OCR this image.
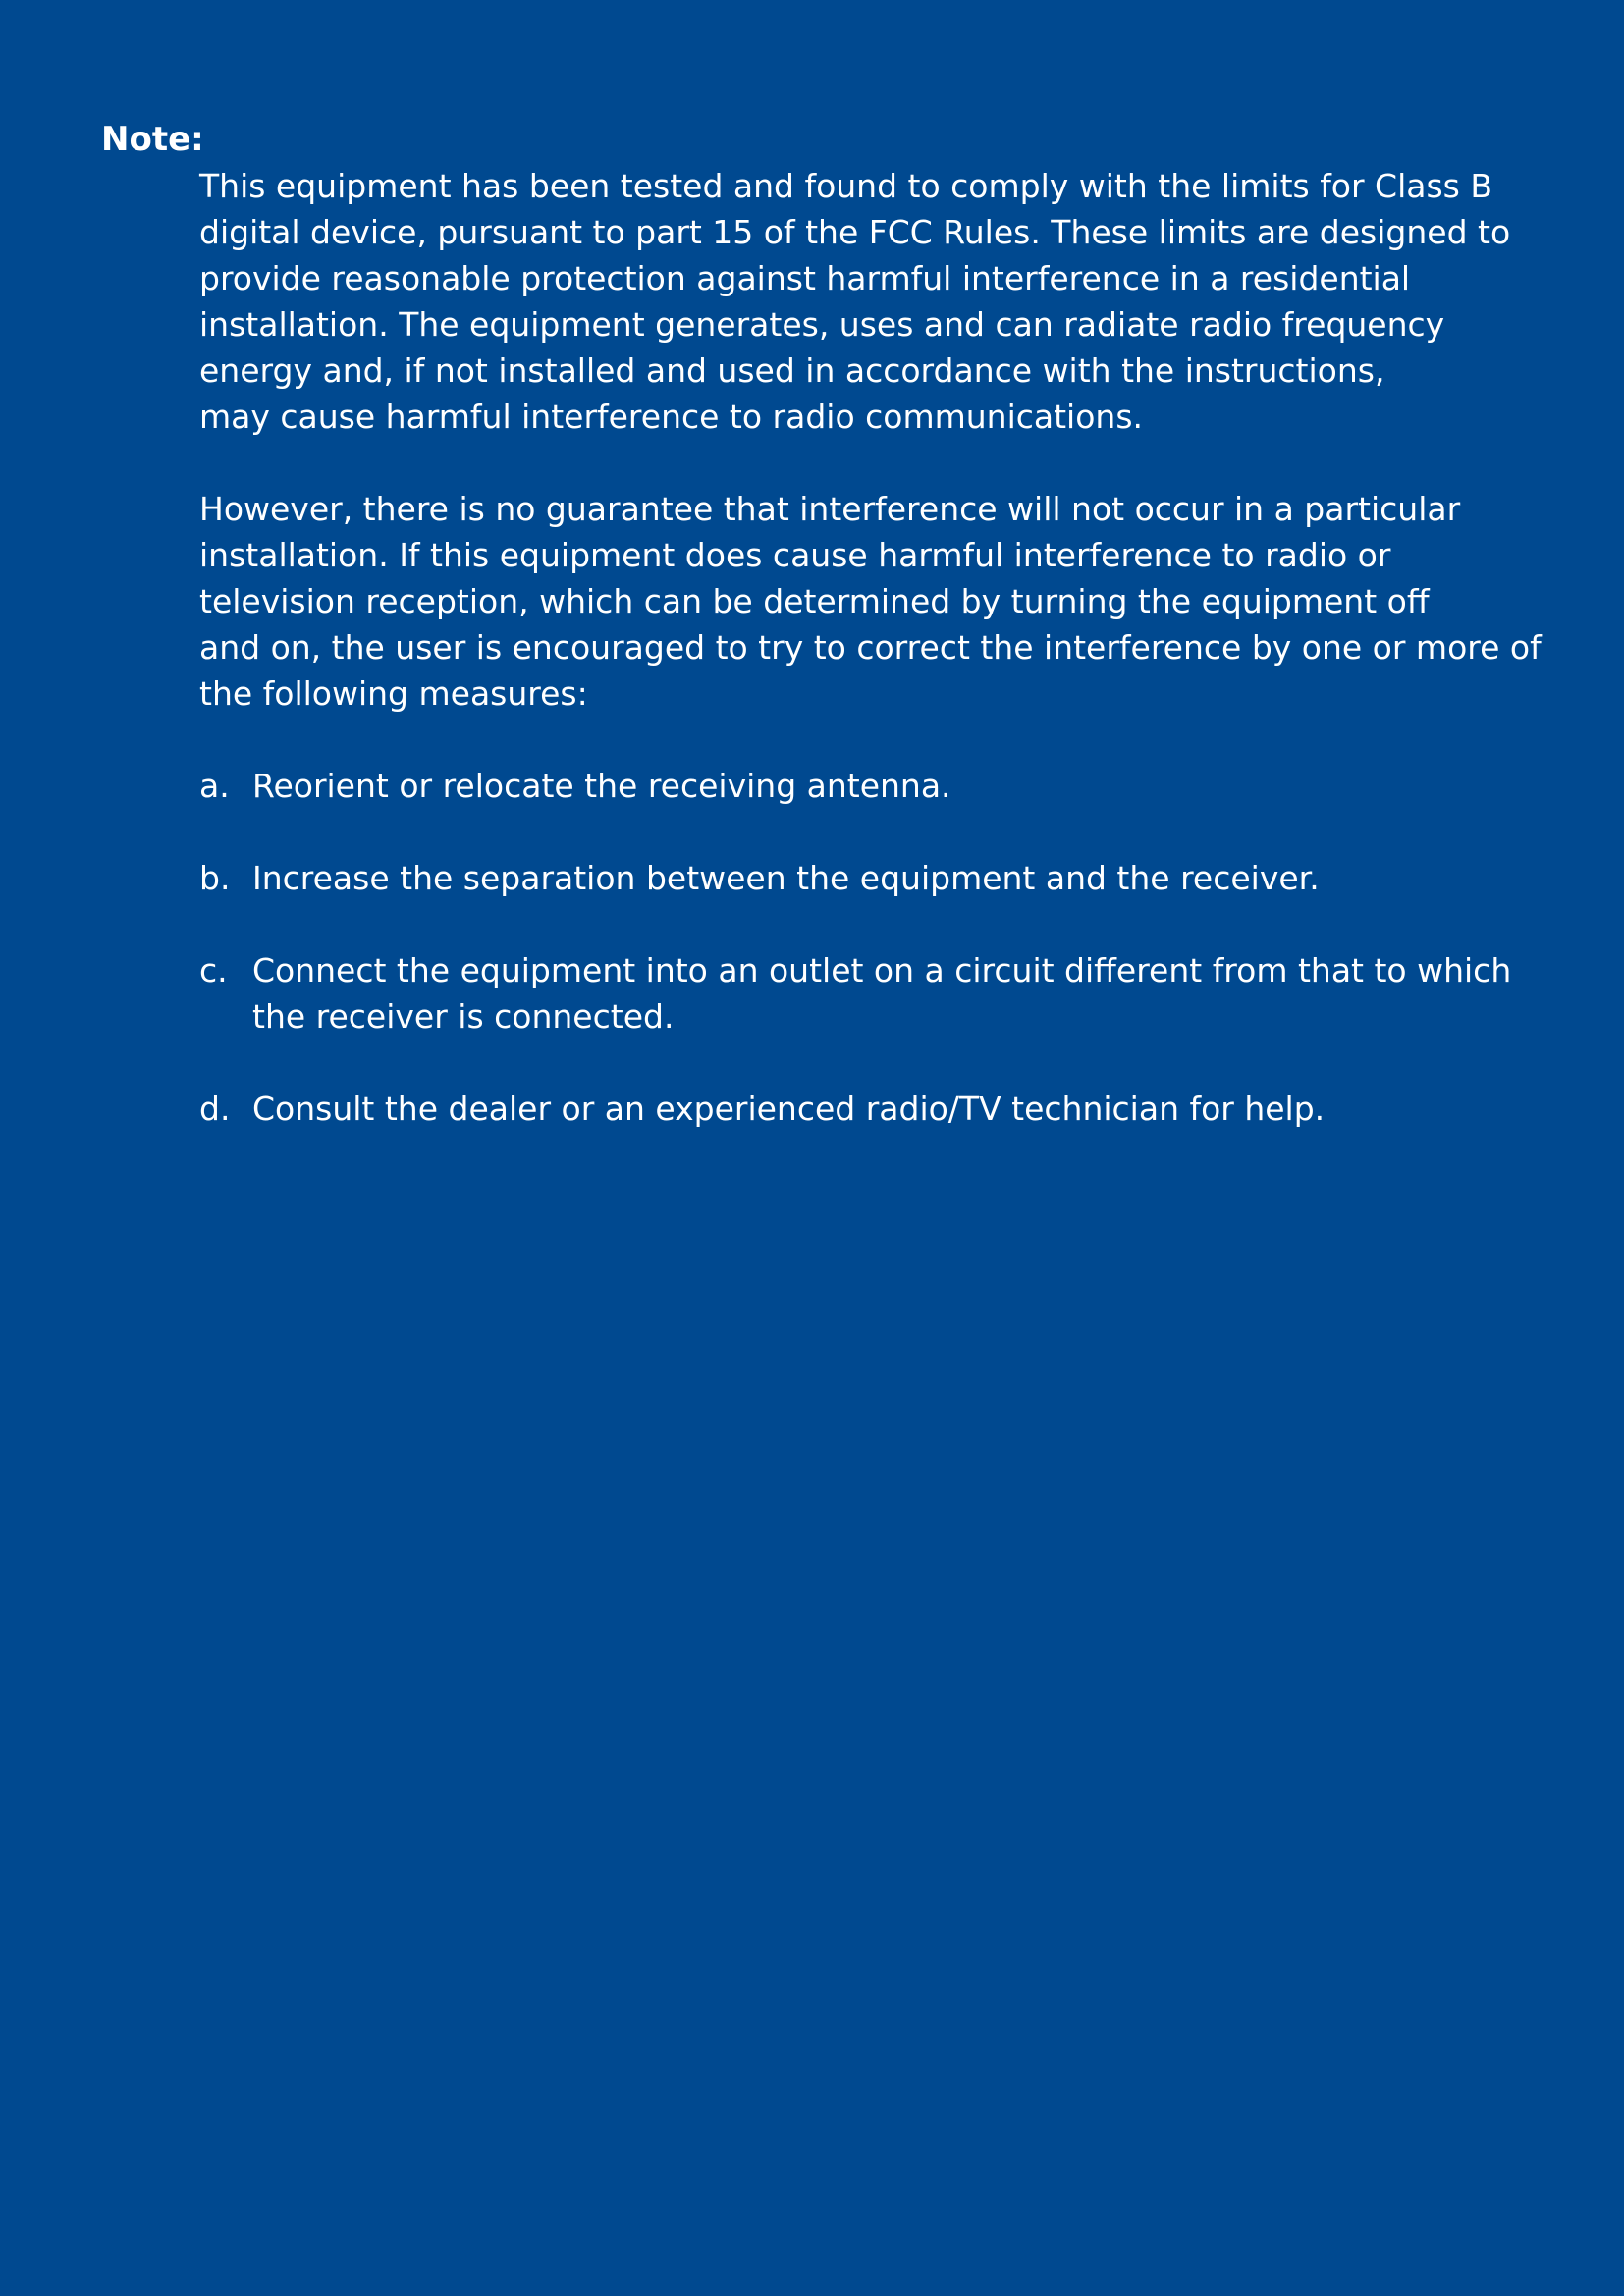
Note:

This equipment has been tested and found to comply with the limits for Class B
digital device, pursuant to part 15 of the FCC Rules. These limits are designed to
provide reasonable protection against harmful interference in a residential
installation. The equipment generates, uses and can radiate radio frequency
energy and, if not installed and used in accordance with the instructions,
may cause harmful interference to radio communications.

However, there is no guarantee that interference will not occur in a particular
installation. If this equipment does cause harmful interference to radio or
television reception, which can be determined by turning the equipment off
and on, the user is encouraged to try to correct the interference by one or more of
the following measures:

a. Reorient or relocate the receiving antenna.
b. Increase the separation between the equipment and the receiver.
c. Connect the equipment into an outlet on a circuit different from that to which
the receiver is connected.
d. Consult the dealer or an experienced radio/TV technician for help.
